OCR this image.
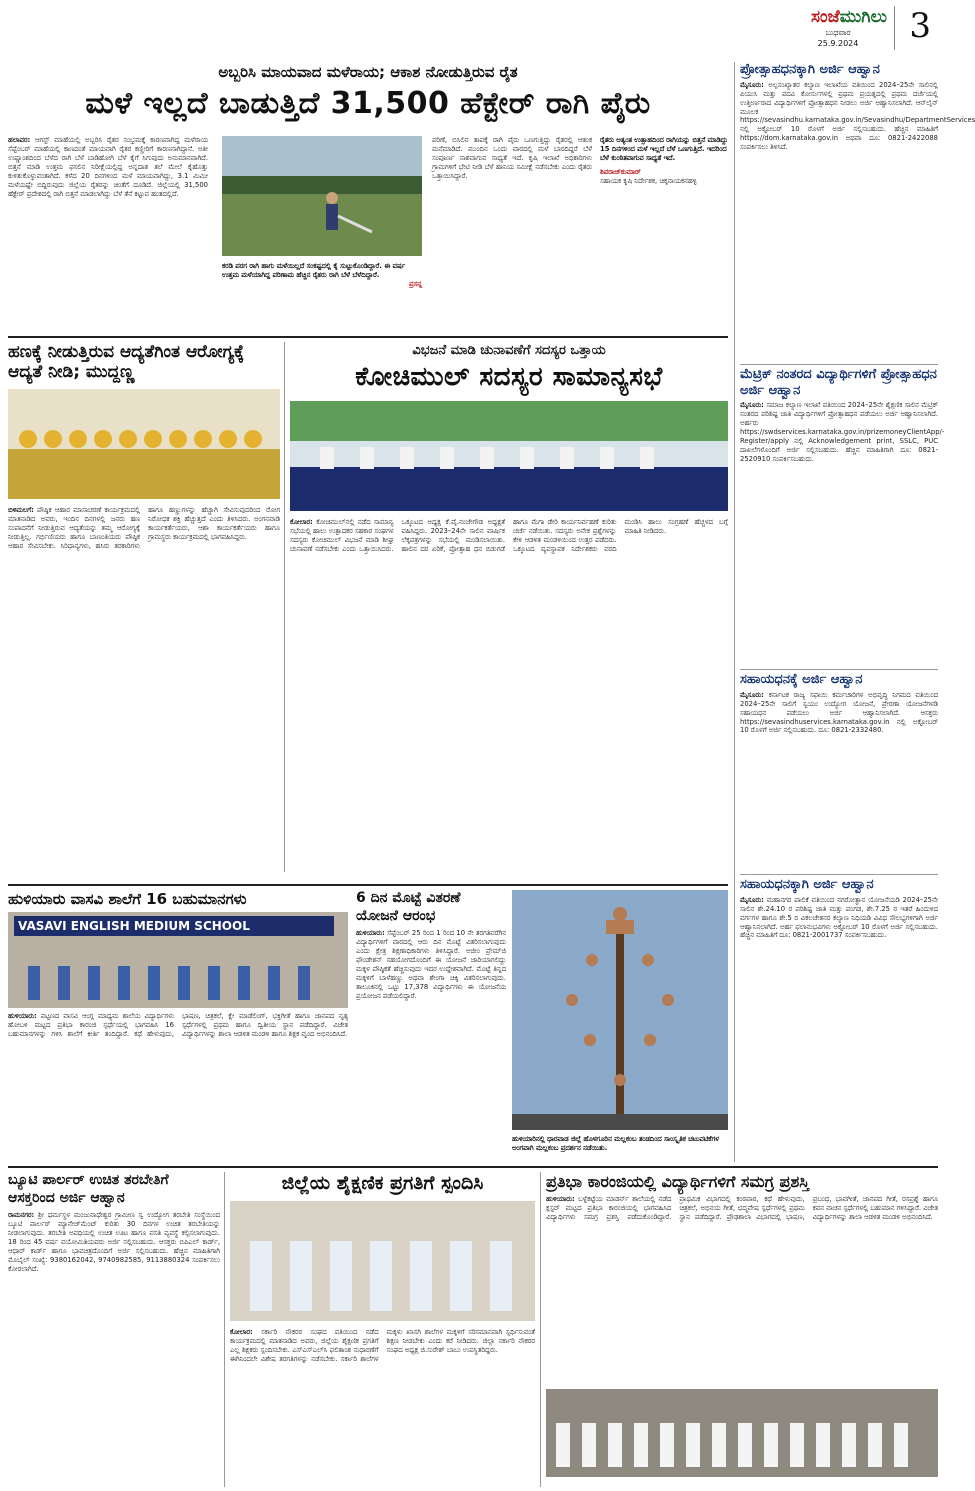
ಸಂಜೆಮುಗಿಲು
ಬುಧವಾರ
25.9.2024	3
ಅಬ್ಬರಿಸಿ ಮಾಯವಾದ ಮಳೆರಾಯ; ಆಕಾಶ ನೋಡುತ್ತಿರುವ ರೈತ
ಮಳೆ ಇಲ್ಲದೆ ಬಾಡುತ್ತಿದೆ 31,500 ಹೆಕ್ಟೇರ್ ರಾಗಿ ಪೈರು
ಹಲಾವರ: ಆಗಸ್ಟ್ ಮಾಹೆಯಲ್ಲಿ ಅಬ್ಬರಿಸಿ ರೈತರ ಸಂಭ್ರಮಕ್ಕೆ ಕಾರಣವಾಗಿದ್ದ ಮಳೆರಾಯ ಸೆಪ್ಟೆಂಬರ್ ಮಾಹೆಯಲ್ಲಿ ಕಾಣದಂತೆ ಮಾಯವಾಗಿ ರೈತರ ಕಣ್ಣೀರಿಗೆ ಕಾರಣನಾಗಿದ್ದಾನೆ. ಅತೀ ಉಷ್ಣಾಂಶದಿಂದ ಬೆಳೆದ ರಾಗಿ ಬೆಳೆ ಬಾಡಿಹೋಗಿ ಬೆಳೆ ಕೈಗೆ ಸಿಗುವುದು ಅನುಮಾನವಾಗಿದೆ. ಬಿತ್ತನೆ ಮಾಡಿ ಉತ್ತಮ ಫಸಲಿನ ನಿರೀಕ್ಷೆಯಲ್ಲಿದ್ದ ಅನ್ನದಾತ ತಲೆ ಮೇಲೆ ಕೈಹೊತ್ತು ಕುಳಿತುಕೊಳ್ಳುವಂತಾಗಿದೆ. ಕಳೆದ 20 ದಿನಗಳಿಂದ ಮಳೆ ಮಾಯವಾಗಿದ್ದು, 3.1 ಮಿಮೀ ಮಳೆಯಷ್ಟೇ ಬಿದ್ದಿರುವುದು ಜಿಲ್ಲೆಯ ರೈತರನ್ನು ಚಿಂತೆಗೆ ದೂಡಿದೆ. ಜಿಲ್ಲೆಯಲ್ಲಿ 31,500 ಹೆಕ್ಟೇರ್ ಪ್ರದೇಶದಲ್ಲಿ ರಾಗಿ ಬಿತ್ತನೆ ಮಾಡಲಾಗಿದ್ದು ಬೆಳೆ ತೆನೆ ಕಟ್ಟುವ ಹಂತದಲ್ಲಿದೆ.
ಕರಡಿ ಪರಗ ರಾಗಿ ಹಾಗು ಮಳೆಯಿಲ್ಲದೆ ಸಂಕಷ್ಟದಲ್ಲಿ ಕೈ ಸುಟ್ಟುಕೊಂಡಿದ್ದಾರೆ. ಈ ವರ್ಷ ಉತ್ತಮ ಮಳೆಯಾಗಿದ್ದ ಪರಿಣಾಮ ಹೆಚ್ಚಿನ ರೈತರು ರಾಗಿ ಬೆಳೆ ಬೆಳೆದಿದ್ದಾರೆ.
ಪ್ರಸನ್ನ
ಪರಿಣೆ, ಬಿಸಿಲಿನ ತಾಪಕ್ಕೆ ರಾಗಿ ಪೈರು ಒಣಗುತ್ತಿದ್ದು ರೈತರಲ್ಲಿ ಆತಂಕ ಮನೆಮಾಡಿದೆ. ಮುಂದಿನ ಒಂದು ವಾರದಲ್ಲಿ ಮಳೆ ಬಾರದಿದ್ದರೆ ಬೆಳೆ ಸಂಪೂರ್ಣ ನಾಶವಾಗುವ ಸಾಧ್ಯತೆ ಇದೆ. ಕೃಷಿ ಇಲಾಖೆ ಅಧಿಕಾರಿಗಳು ಗ್ರಾಮಗಳಿಗೆ ಭೇಟಿ ನೀಡಿ ಬೆಳೆ ಹಾನಿಯ ಸಮೀಕ್ಷೆ ನಡೆಸಬೇಕು ಎಂದು ರೈತರು ಒತ್ತಾಯಿಸಿದ್ದಾರೆ.
ರೈತರು ಅತ್ಯಂತ ಉತ್ಸಾಹದಿಂದ ರಾಗಿಯನ್ನು ಬಿತ್ತನೆ ಮಾಡಿದ್ದು 15 ದಿನಗಳಿಂದ ಮಳೆ ಇಲ್ಲದೆ ಬೆಳೆ ಒಣಗುತ್ತಿದೆ. ಇದರಿಂದ ಬೆಳೆ ಕುಂಠಿತವಾಗುವ ಸಾಧ್ಯತೆ ಇದೆ.
ಶಿವರಾಜ್‌ಕುಮಾರ್
ಸಹಾಯಕ ಕೃಷಿ ನಿರ್ದೇಶಕ, ಚಿಕ್ಕನಾಯಕನಹಳ್ಳಿ
ಹಣಕ್ಕೆ ನೀಡುತ್ತಿರುವ ಆದ್ಯತೆಗಿಂತ ಆರೋಗ್ಯಕ್ಕೆ ಆದ್ಯತೆ ನೀಡಿ; ಮುದ್ದಣ್ಣ
ಬಿಳಿಮಲಗೆ: ಪೌಷ್ಠಿಕ ಆಹಾರ ಮಾಸಾಚರಣೆ ಕಾರ್ಯಕ್ರಮದಲ್ಲಿ ಮಾತನಾಡಿದ ಅವರು, ಇಂದಿನ ದಿನಗಳಲ್ಲಿ ಜನರು ಹಣ ಸಂಪಾದನೆಗೆ ನೀಡುತ್ತಿರುವ ಆದ್ಯತೆಯನ್ನು ತಮ್ಮ ಆರೋಗ್ಯಕ್ಕೆ ನೀಡುತ್ತಿಲ್ಲ. ಗರ್ಭಿಣಿಯರು ಹಾಗೂ ಬಾಣಂತಿಯರು ಪೌಷ್ಠಿಕ ಆಹಾರ ಸೇವಿಸಬೇಕು. ಸಿರಿಧಾನ್ಯಗಳು, ಹಸಿರು ತರಕಾರಿಗಳು ಹಾಗೂ ಹಣ್ಣುಗಳನ್ನು ಹೆಚ್ಚಾಗಿ ಸೇವಿಸುವುದರಿಂದ ರೋಗ ನಿರೋಧಕ ಶಕ್ತಿ ಹೆಚ್ಚುತ್ತದೆ ಎಂದು ತಿಳಿಸಿದರು. ಅಂಗನವಾಡಿ ಕಾರ್ಯಕರ್ತೆಯರು, ಆಶಾ ಕಾರ್ಯಕರ್ತೆಯರು ಹಾಗೂ ಗ್ರಾಮಸ್ಥರು ಕಾರ್ಯಕ್ರಮದಲ್ಲಿ ಭಾಗವಹಿಸಿದ್ದರು.
ವಿಭಜನೆ ಮಾಡಿ ಚುನಾವಣೆಗೆ ಸದಸ್ಯರ ಒತ್ತಾಯ
ಕೋಚಿಮುಲ್ ಸದಸ್ಯರ ಸಾಮಾನ್ಯಸಭೆ
ಕೋಲಾರ: ಕೋಚಿಮುಲ್‌ನಲ್ಲಿ ನಡೆದ ಸಾಮಾನ್ಯ ಸಭೆಯಲ್ಲಿ ಹಾಲು ಉತ್ಪಾದಕರ ಸಹಕಾರ ಸಂಘಗಳ ಸದಸ್ಯರು ಕೋಚಿಮುಲ್ ವಿಭಜನೆ ಮಾಡಿ ಶೀಘ್ರ ಚುನಾವಣೆ ನಡೆಸಬೇಕು ಎಂದು ಒತ್ತಾಯಿಸಿದರು. ಒಕ್ಕೂಟದ ಅಧ್ಯಕ್ಷ ಕೆ.ವೈ.ನಂಜೇಗೌಡ ಅಧ್ಯಕ್ಷತೆ ವಹಿಸಿದ್ದರು. 2023–24ನೇ ಸಾಲಿನ ವಾರ್ಷಿಕ ಲೆಕ್ಕಪತ್ರಗಳನ್ನು ಸಭೆಯಲ್ಲಿ ಮಂಡಿಸಲಾಯಿತು. ಹಾಲಿನ ದರ ಏರಿಕೆ, ಪ್ರೋತ್ಸಾಹ ಧನ ಬಿಡುಗಡೆ ಹಾಗೂ ಮೆಗಾ ಡೇರಿ ಕಾರ್ಯನಿರ್ವಹಣೆ ಕುರಿತು ಚರ್ಚೆ ನಡೆಯಿತು. ಸದಸ್ಯರು ಅನೇಕ ಪ್ರಶ್ನೆಗಳನ್ನು ಕೇಳಿ ಆಡಳಿತ ಮಂಡಳಿಯಿಂದ ಉತ್ತರ ಪಡೆದರು. ಒಕ್ಕೂಟದ ವ್ಯವಸ್ಥಾಪಕ ನಿರ್ದೇಶಕರು ವರದಿ ಮಂಡಿಸಿ ಹಾಲು ಸಂಗ್ರಹಣೆ ಹೆಚ್ಚಳದ ಬಗ್ಗೆ ಮಾಹಿತಿ ನೀಡಿದರು.
ಹುಳಿಯಾರು ವಾಸವಿ ಶಾಲೆಗೆ 16 ಬಹುಮಾನಗಳು
VASAVI ENGLISH MEDIUM SCHOOL
ಹುಳಿಯಾರು: ಪಟ್ಟಣದ ವಾಸವಿ ಆಂಗ್ಲ ಮಾಧ್ಯಮ ಶಾಲೆಯ ವಿದ್ಯಾರ್ಥಿಗಳು ಹೋಬಳಿ ಮಟ್ಟದ ಪ್ರತಿಭಾ ಕಾರಂಜಿ ಸ್ಪರ್ಧೆಯಲ್ಲಿ ಭಾಗವಹಿಸಿ 16 ಬಹುಮಾನಗಳನ್ನು ಗಳಿಸಿ ಶಾಲೆಗೆ ಕೀರ್ತಿ ತಂದಿದ್ದಾರೆ. ಕಥೆ ಹೇಳುವುದು, ಭಾಷಣ, ಚಿತ್ರಕಲೆ, ಕ್ಲೇ ಮಾಡೆಲಿಂಗ್, ಭಕ್ತಿಗೀತೆ ಹಾಗೂ ಜಾನಪದ ನೃತ್ಯ ಸ್ಪರ್ಧೆಗಳಲ್ಲಿ ಪ್ರಥಮ ಹಾಗೂ ದ್ವಿತೀಯ ಸ್ಥಾನ ಪಡೆದಿದ್ದಾರೆ. ವಿಜೇತ ವಿದ್ಯಾರ್ಥಿಗಳನ್ನು ಶಾಲಾ ಆಡಳಿತ ಮಂಡಳಿ ಹಾಗೂ ಶಿಕ್ಷಕ ವೃಂದ ಅಭಿನಂದಿಸಿದೆ.
6 ದಿನ ಮೊಟ್ಟೆ ವಿತರಣೆ ಯೋಜನೆ ಆರಂಭ
ಹುಳಿಯಾರು: ಸೆಪ್ಟೆಂಬರ್ 25 ರಿಂದ 1 ರಿಂದ 10 ನೇ ತರಗತಿವರೆಗಿನ ವಿದ್ಯಾರ್ಥಿಗಳಿಗೆ ವಾರದಲ್ಲಿ ಆರು ದಿನ ಮೊಟ್ಟೆ ವಿತರಿಸಲಾಗುವುದು ಎಂದು ಕ್ಷೇತ್ರ ಶಿಕ್ಷಣಾಧಿಕಾರಿಗಳು ತಿಳಿಸಿದ್ದಾರೆ. ಅಜೀಂ ಪ್ರೇಮ್‌ಜಿ ಫೌಂಡೇಶನ್ ಸಹಯೋಗದೊಂದಿಗೆ ಈ ಯೋಜನೆ ಜಾರಿಯಾಗಲಿದ್ದು ಮಕ್ಕಳ ಪೌಷ್ಠಿಕತೆ ಹೆಚ್ಚಿಸುವುದು ಇದರ ಉದ್ದೇಶವಾಗಿದೆ. ಮೊಟ್ಟೆ ತಿನ್ನದ ಮಕ್ಕಳಿಗೆ ಬಾಳೆಹಣ್ಣು ಅಥವಾ ಶೇಂಗಾ ಚಿಕ್ಕಿ ವಿತರಿಸಲಾಗುವುದು. ತಾಲೂಕಿನಲ್ಲಿ ಒಟ್ಟು 17,378 ವಿದ್ಯಾರ್ಥಿಗಳು ಈ ಯೋಜನೆಯ ಪ್ರಯೋಜನ ಪಡೆಯಲಿದ್ದಾರೆ.
ಹುಳಿಯಾರಿನಲ್ಲಿ ಧಾರವಾಡ ಜಿಲ್ಲೆ ಹೊಳಗೂರಿನ ಮಲ್ಲಕಂಬ ತಂಡದಿಂದ ಸಾಂಸ್ಕೃತಿಕ ಚಟುವಟಿಕೆಗಳ ಅಂಗವಾಗಿ ಮಲ್ಲಕಂಬ ಪ್ರದರ್ಶನ ನಡೆಯಿತು.
ಬ್ಯೂಟಿ ಪಾರ್ಲರ್ ಉಚಿತ ತರಬೇತಿಗೆ ಆಸಕ್ತರಿಂದ ಅರ್ಜಿ ಆಹ್ವಾನ
ರಾಮನಗರ: ಶ್ರೀ ಧರ್ಮಸ್ಥಳ ಮಂಜುನಾಥೇಶ್ವರ ಗ್ರಾಮೀಣ ಸ್ವ ಉದ್ಯೋಗ ತರಬೇತಿ ಸಂಸ್ಥೆಯಿಂದ ಬ್ಯೂಟಿ ಪಾರ್ಲರ್ ಮ್ಯಾನೇಜ್‌ಮೆಂಟ್ ಕುರಿತು 30 ದಿನಗಳ ಉಚಿತ ತರಬೇತಿಯನ್ನು ನೀಡಲಾಗುವುದು. ತರಬೇತಿ ಅವಧಿಯಲ್ಲಿ ಉಚಿತ ಊಟ ಹಾಗೂ ವಸತಿ ವ್ಯವಸ್ಥೆ ಕಲ್ಪಿಸಲಾಗುವುದು. 18 ರಿಂದ 45 ವರ್ಷ ವಯೋಮಿತಿಯವರು ಅರ್ಜಿ ಸಲ್ಲಿಸಬಹುದು. ಆಸಕ್ತರು ಬಿಪಿಎಲ್ ಕಾರ್ಡ್, ಆಧಾರ್ ಕಾರ್ಡ್ ಹಾಗೂ ಭಾವಚಿತ್ರದೊಂದಿಗೆ ಅರ್ಜಿ ಸಲ್ಲಿಸಬಹುದು. ಹೆಚ್ಚಿನ ಮಾಹಿತಿಗಾಗಿ ಮೊಬೈಲ್ ಸಂಖ್ಯೆ: 9380162042, 9740982585, 9113880324 ಸಂಪರ್ಕಿಸಲು ಕೋರಲಾಗಿದೆ.
ಜಿಲ್ಲೆಯ ಶೈಕ್ಷಣಿಕ ಪ್ರಗತಿಗೆ ಸ್ಪಂದಿಸಿ
ಕೋಲಾರ: ಸರ್ಕಾರಿ ನೌಕರರ ಸಂಘದ ವತಿಯಿಂದ ನಡೆದ ಕಾರ್ಯಕ್ರಮದಲ್ಲಿ ಮಾತನಾಡಿದ ಅವರು, ಜಿಲ್ಲೆಯ ಶೈಕ್ಷಣಿಕ ಪ್ರಗತಿಗೆ ಎಲ್ಲ ಶಿಕ್ಷಕರು ಸ್ಪಂದಿಸಬೇಕು. ಎಸ್‌ಎಸ್‌ಎಲ್‌ಸಿ ಫಲಿತಾಂಶ ಸುಧಾರಣೆಗೆ ಈಗಿನಿಂದಲೇ ವಿಶೇಷ ತರಗತಿಗಳನ್ನು ನಡೆಸಬೇಕು. ಸರ್ಕಾರಿ ಶಾಲೆಗಳ ಮಕ್ಕಳು ಖಾಸಗಿ ಶಾಲೆಗಳ ಮಕ್ಕಳಿಗೆ ಸರಿಸಮಾನವಾಗಿ ಸ್ಪರ್ಧಿಸುವಂತೆ ಶಿಕ್ಷಣ ನೀಡಬೇಕು ಎಂದು ಕರೆ ನೀಡಿದರು. ಜಿಲ್ಲಾ ಸರ್ಕಾರಿ ನೌಕರರ ಸಂಘದ ಅಧ್ಯಕ್ಷ ಜಿ.ಸುರೇಶ್ ಬಾಬು ಉಪಸ್ಥಿತರಿದ್ದರು.
ಪ್ರತಿಭಾ ಕಾರಂಜಿಯಲ್ಲಿ ವಿದ್ಯಾರ್ಥಿಗಳಿಗೆ ಸಮಗ್ರ ಪ್ರಶಸ್ತಿ
ಹುಳಿಯಾರು: ಬಳ್ಳೆಕಟ್ಟೆಯ ಮಾಡರ್ನ್ ಶಾಲೆಯಲ್ಲಿ ನಡೆದ ಕ್ಲಸ್ಟರ್ ಮಟ್ಟದ ಪ್ರತಿಭಾ ಕಾರಂಜಿಯಲ್ಲಿ ಭಾಗವಹಿಸಿದ ವಿದ್ಯಾರ್ಥಿಗಳು ಸಮಗ್ರ ಪ್ರಶಸ್ತಿ ಪಡೆದುಕೊಂಡಿದ್ದಾರೆ. ಪ್ರಾಥಮಿಕ ವಿಭಾಗದಲ್ಲಿ ಕಂಠಪಾಠ, ಕಥೆ ಹೇಳುವುದು, ಚಿತ್ರಕಲೆ, ಅಭಿನಯ ಗೀತೆ, ಛದ್ಮವೇಷ ಸ್ಪರ್ಧೆಗಳಲ್ಲಿ ಪ್ರಥಮ ಸ್ಥಾನ ಪಡೆದಿದ್ದಾರೆ. ಪ್ರೌಢಶಾಲಾ ವಿಭಾಗದಲ್ಲಿ ಭಾಷಣ, ಪ್ರಬಂಧ, ಭಾವಗೀತೆ, ಜಾನಪದ ಗೀತೆ, ರಸಪ್ರಶ್ನೆ ಹಾಗೂ ಕವನ ವಾಚನ ಸ್ಪರ್ಧೆಗಳಲ್ಲಿ ಬಹುಮಾನ ಗಳಿಸಿದ್ದಾರೆ. ವಿಜೇತ ವಿದ್ಯಾರ್ಥಿಗಳನ್ನು ಶಾಲಾ ಆಡಳಿತ ಮಂಡಳಿ ಅಭಿನಂದಿಸಿದೆ.
ಪ್ರೋತ್ಸಾಹಧನಕ್ಕಾಗಿ ಅರ್ಜಿ ಆಹ್ವಾನ
ಮೈಸೂರು: ಅಲ್ಪಸಂಖ್ಯಾತರ ಕಲ್ಯಾಣ ಇಲಾಖೆಯ ವತಿಯಿಂದ 2024–25ನೇ ಸಾಲಿನಲ್ಲಿ ಪಿಯುಸಿ ಮತ್ತು ಪದವಿ ಕೋರ್ಸುಗಳಲ್ಲಿ ಪ್ರಥಮ ಪ್ರಯತ್ನದಲ್ಲಿ ಪ್ರಥಮ ದರ್ಜೆಯಲ್ಲಿ ಉತ್ತೀರ್ಣರಾದ ವಿದ್ಯಾರ್ಥಿಗಳಿಗೆ ಪ್ರೋತ್ಸಾಹಧನ ನೀಡಲು ಅರ್ಜಿ ಆಹ್ವಾನಿಸಲಾಗಿದೆ. ಆನ್‌ಲೈನ್ ಮೂಲಕ https://sevasindhu.karnataka.gov.in/Sevasindhu/DepartmentServices ನಲ್ಲಿ ಅಕ್ಟೋಬರ್ 10 ರೊಳಗೆ ಅರ್ಜಿ ಸಲ್ಲಿಸಬಹುದು. ಹೆಚ್ಚಿನ ಮಾಹಿತಿಗೆ https://dom.karnataka.gov.in ಅಥವಾ ದೂ: 0821-2422088 ಸಂಪರ್ಕಿಸಲು ತಿಳಿಸಿದೆ.
ಮೆಟ್ರಿಕ್ ನಂತರದ ವಿದ್ಯಾರ್ಥಿಗಳಿಗೆ ಪ್ರೋತ್ಸಾಹಧನ ಅರ್ಜಿ ಆಹ್ವಾನ
ಮೈಸೂರು: ಸಮಾಜ ಕಲ್ಯಾಣ ಇಲಾಖೆ ವತಿಯಿಂದ 2024–25ನೇ ಶೈಕ್ಷಣಿಕ ಸಾಲಿನ ಮೆಟ್ರಿಕ್ ನಂತರದ ಪರಿಶಿಷ್ಟ ಜಾತಿ ವಿದ್ಯಾರ್ಥಿಗಳಿಗೆ ಪ್ರೋತ್ಸಾಹಧನ ಪಡೆಯಲು ಅರ್ಜಿ ಆಹ್ವಾನಿಸಲಾಗಿದೆ. ಅರ್ಹರು https://swdservices.karnataka.gov.in/prizemoneyClientApp/-Register/apply ನಲ್ಲಿ Acknowledgement print, SSLC, PUC ದಾಖಲೆಗಳೊಂದಿಗೆ ಅರ್ಜಿ ಸಲ್ಲಿಸಬಹುದು. ಹೆಚ್ಚಿನ ಮಾಹಿತಿಗಾಗಿ ದೂ: 0821-2520910 ಸಂಪರ್ಕಿಸಬಹುದು.
ಸಹಾಯಧನಕ್ಕೆ ಅರ್ಜಿ ಆಹ್ವಾನ
ಮೈಸೂರು: ಕರ್ನಾಟಕ ರಾಜ್ಯ ಸಫಾಯಿ ಕರ್ಮಚಾರಿಗಳ ಅಭಿವೃದ್ಧಿ ನಿಗಮದ ವತಿಯಿಂದ 2024–25ನೇ ಸಾಲಿಗೆ ಸ್ವಯಂ ಉದ್ಯೋಗ ಯೋಜನೆ, ಪ್ರೇರಣಾ ಯೋಜನೆಗಳಡಿ ಸಹಾಯಧನ ಪಡೆಯಲು ಅರ್ಜಿ ಆಹ್ವಾನಿಸಲಾಗಿದೆ. ಆಸಕ್ತರು https://sevasindhuservices.karnataka.gov.in ನಲ್ಲಿ ಅಕ್ಟೋಬರ್ 10 ರೊಳಗೆ ಅರ್ಜಿ ಸಲ್ಲಿಸಬಹುದು. ದೂ: 0821-2332480.
ಸಹಾಯಧನಕ್ಕಾಗಿ ಅರ್ಜಿ ಆಹ್ವಾನ
ಮೈಸೂರು: ಮಹಾನಗರ ಪಾಲಿಕೆ ವತಿಯಿಂದ ನಗರೋತ್ಥಾನ ಯೋಜನೆಯಡಿ 2024–25ನೇ ಸಾಲಿನ ಶೇ.24.10 ರ ಪರಿಶಿಷ್ಟ ಜಾತಿ ಮತ್ತು ಪಂಗಡ, ಶೇ.7.25 ರ ಇತರೆ ಹಿಂದುಳಿದ ವರ್ಗಗಳ ಹಾಗೂ ಶೇ.5 ರ ವಿಕಲಚೇತನರ ಕಲ್ಯಾಣ ನಿಧಿಯಡಿ ವಿವಿಧ ಸೌಲಭ್ಯಗಳಿಗಾಗಿ ಅರ್ಜಿ ಆಹ್ವಾನಿಸಲಾಗಿದೆ. ಅರ್ಹ ಫಲಾನುಭವಿಗಳು ಅಕ್ಟೋಬರ್ 10 ರೊಳಗೆ ಅರ್ಜಿ ಸಲ್ಲಿಸಬಹುದು. ಹೆಚ್ಚಿನ ಮಾಹಿತಿಗೆ ದೂ: 0821-2001737 ಸಂಪರ್ಕಿಸಬಹುದು.
